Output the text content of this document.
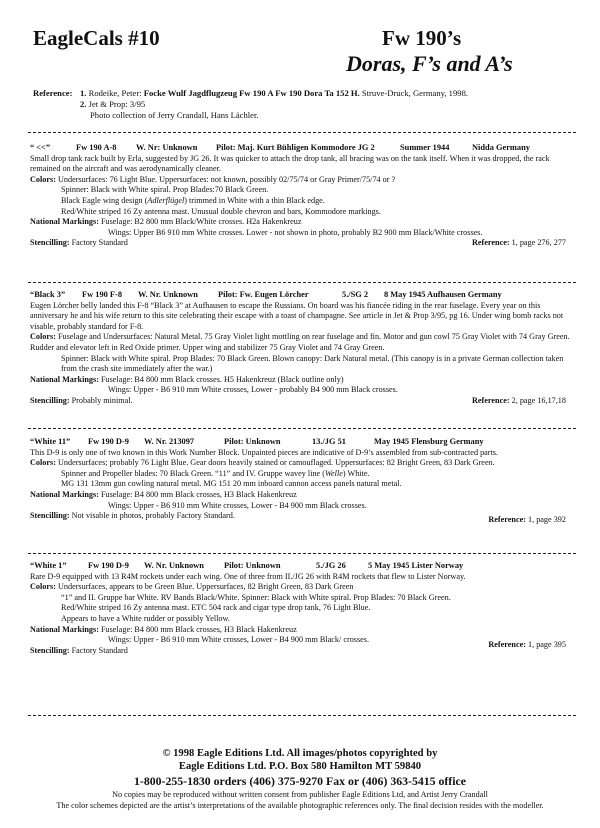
EagleCals #10	Fw 190’s
Doras, F’s and A’s
Reference: 1. Rodeike, Peter: Focke Wulf Jagdflugzeug Fw 190 A Fw 190 Dora Ta 152 H. Struve-Druck, Germany, 1998.
2. Jet & Prop: 3/95
Photo collection of Jerry Crandall, Hans Lächler.
“ <<”	Fw 190 A-8	W. Nr: Unknown	Pilot: Maj. Kurt Bühligen Kommodore JG 2	Summer 1944	Nidda Germany

Small drop tank rack built by Erla, suggested by JG 26. It was quicker to attach the drop tank, all bracing was on the tank itself. When it was dropped, the rack remained on the aircraft and was aerodynamically cleaner.

Colors: Undersurfaces: 76 Light Blue. Uppersurfaces: not known, possibly 02/75/74 or Gray Primer/75/74 or ?

Spinner: Black with White spiral. Prop Blades:70 Black Green.

Black Eagle wing design (Adlerflügel) trimmed in White with a thin Black edge.

Red/White striped 16 Zy antenna mast. Unusual double chevron and bars, Kommodore markings.

National Markings: Fuselage: B2 800 mm Black/White crosses. H2a Hakenkreuz

Wings: Upper B6 910 mm White crosses. Lower - not shown in photo, probably B2 900 mm Black/White crosses.

Stencilling: Factory Standard	Reference: 1, page 276, 277
“Black 3”	Fw 190 F-8	W. Nr. Unknown	Pilot: Fw. Eugen Lörcher	5./SG 2	8 May 1945 Aufhausen Germany

Eugen Lörcher belly landed this F-8 “Black 3” at Aufhausen to escape the Russians. On board was his fiancée riding in the rear fuselage. Every year on this anniversary he and his wife return to this site celebrating their escape with a toast of champagne. See article in Jet & Prop 3/95, pg 16. Under wing bomb racks not visable, probably standard for F-8.

Colors: Fuselage and Undersurfaces: Natural Metal. 75 Gray Violet light mottling on rear fuselage and fin. Motor and gun cowl 75 Gray Violet with 74 Gray Green. Rudder and elevator left in Red Oxide primer. Upper wing and stabilizer 75 Gray Violet and 74 Gray Green.

Spinner: Black with White spiral. Prop Blades: 70 Black Green. Blown canopy: Dark Natural metal. (This canopy is in a private German collection taken from the crash site immediately after the war.)

National Markings: Fuselage: B4 800 mm Black crosses. H5 Hakenkreuz (Black outline only)

Wings: Upper - B6 910 mm White crosses, Lower - probably B4 900 mm Black crosses.

Stencilling: Probably minimal.	Reference: 2, page 16,17,18
“White 11”	Fw 190 D-9	W. Nr. 213097	Pilot: Unknown	13./JG 51	May 1945 Flensburg Germany

This D-9 is only one of two known in this Work Number Block. Unpainted pieces are indicative of D-9’s assembled from sub-contracted parts.

Colors: Undersurfaces; probably 76 Light Blue. Gear doors heavily stained or camouflaged. Uppersurfaces: 82 Bright Green, 83 Dark Green.

Spinner and Propeller blades: 70 Black Green. “11” and IV. Gruppe wavey line (Welle) White.

MG 131 13mm gun cowling natural metal. MG 151 20 mm inboard cannon access panels natural metal.

National Markings: Fuselage: B4 800 mm Black crosses, H3 Black Hakenkreuz

Wings: Upper - B6 910 mm White crosses, Lower - B4 900 mm Black crosses.

Stencilling: Not visable in photos, probably Factory Standard.	Reference: 1, page 392
“White 1”	Fw 190 D-9	W. Nr. Unknown	Pilot: Unknown	5./JG 26	5 May 1945 Lister Norway

Rare D-9 equipped with 13 R4M rockets under each wing. One of three from II./JG 26 with R4M rockets that flew to Lister Norway.

Colors: Undersurfaces, appears to be Green Blue. Uppersurfaces, 82 Bright Green, 83 Dark Green

“1” and II. Gruppe bar White. RV Bands Black/White. Spinner: Black with White spiral. Prop Blades: 70 Black Green.

Red/White striped 16 Zy antenna mast. ETC 504 rack and cigar type drop tank, 76 Light Blue.

Appears to have a White rudder or possibly Yellow.

National Markings: Fuselage: B4 800 mm Black crosses, H3 Black Hakenkreuz

Wings: Upper - B6 910 mm White crosses, Lower - B4 900 mm Black/ crosses.

Stencilling: Factory Standard
Reference: 1, page 395
© 1998 Eagle Editions Ltd. All images/photos copyrighted by
Eagle Editions Ltd. P.O. Box 580 Hamilton MT 59840
1-800-255-1830 orders (406) 375-9270 Fax or (406) 363-5415 office
No copies may be reproduced without written consent from publisher Eagle Editions Ltd, and Artist Jerry Crandall
The color schemes depicted are the artist’s interpretations of the available photographic references only. The final decision resides with the modeller.
